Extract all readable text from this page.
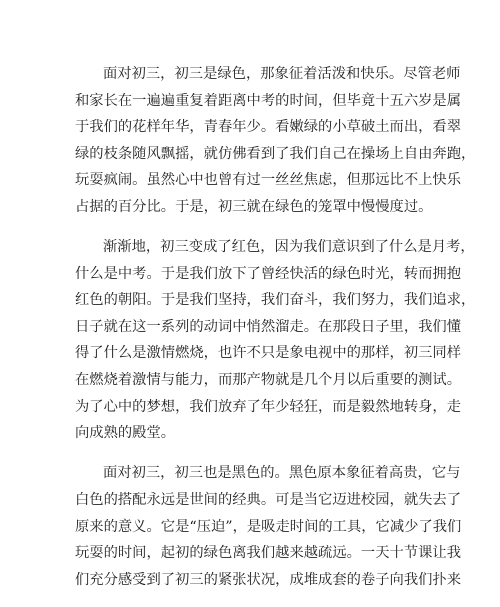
面对初三，初三是绿色，那象征着活泼和快乐。尽管老师
和家长在一遍遍重复着距离中考的时间，但毕竟十五六岁是属
于我们的花样年华，青春年少。看嫩绿的小草破土而出，看翠
绿的枝条随风飘摇，就仿佛看到了我们自己在操场上自由奔跑，
玩耍疯闹。虽然心中也曾有过一丝丝焦虑，但那远比不上快乐
占据的百分比。于是，初三就在绿色的笼罩中慢慢度过。
渐渐地，初三变成了红色，因为我们意识到了什么是月考，
什么是中考。于是我们放下了曾经快活的绿色时光，转而拥抱
红色的朝阳。于是我们坚持，我们奋斗，我们努力，我们追求，
日子就在这一系列的动词中悄然溜走。在那段日子里，我们懂
得了什么是激情燃烧，也许不只是象电视中的那样，初三同样
在燃烧着激情与能力，而那产物就是几个月以后重要的测试。
为了心中的梦想，我们放弃了年少轻狂，而是毅然地转身，走
向成熟的殿堂。
面对初三，初三也是黑色的。黑色原本象征着高贵，它与
白色的搭配永远是世间的经典。可是当它迈进校园，就失去了
原来的意义。它是“压迫”，是吸走时间的工具，它减少了我们
玩耍的时间，起初的绿色离我们越来越疏远。一天十节课让我
们充分感受到了初三的紧张状况，成堆成套的卷子向我们扑来
